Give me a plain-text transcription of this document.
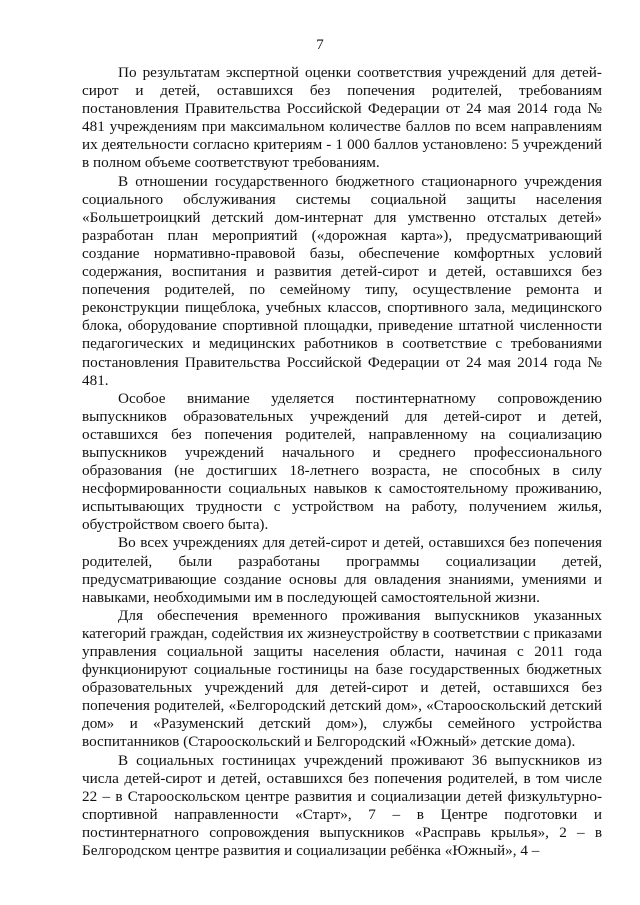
7

По результатам экспертной оценки соответствия учреждений для детей-сирот и детей, оставшихся без попечения родителей, требованиям постановления Правительства Российской Федерации от 24 мая 2014 года № 481 учреждениям при максимальном количестве баллов по всем направлениям их деятельности согласно критериям - 1 000 баллов установлено: 5 учреждений в полном объеме соответствуют требованиям.

В отношении государственного бюджетного стационарного учреждения социального обслуживания системы социальной защиты населения «Большетроицкий детский дом-интернат для умственно отсталых детей» разработан план мероприятий («дорожная карта»), предусматривающий создание нормативно-правовой базы, обеспечение комфортных условий содержания, воспитания и развития детей-сирот и детей, оставшихся без попечения родителей, по семейному типу, осуществление ремонта и реконструкции пищеблока, учебных классов, спортивного зала, медицинского блока, оборудование спортивной площадки, приведение штатной численности педагогических и медицинских работников в соответствие с требованиями постановления Правительства Российской Федерации от 24 мая 2014 года № 481.

Особое внимание уделяется постинтернатному сопровождению выпускников образовательных учреждений для детей-сирот и детей, оставшихся без попечения родителей, направленному на социализацию выпускников учреждений начального и среднего профессионального образования (не достигших 18-летнего возраста, не способных в силу несформированности социальных навыков к самостоятельному проживанию, испытывающих трудности с устройством на работу, получением жилья, обустройством своего быта).

Во всех учреждениях для детей-сирот и детей, оставшихся без попечения родителей, были разработаны программы социализации детей, предусматривающие создание основы для овладения знаниями, умениями и навыками, необходимыми им в последующей самостоятельной жизни.

Для обеспечения временного проживания выпускников указанных категорий граждан, содействия их жизнеустройству в соответствии с приказами управления социальной защиты населения области, начиная с 2011 года функционируют социальные гостиницы на базе государственных бюджетных образовательных учреждений для детей-сирот и детей, оставшихся без попечения родителей, «Белгородский детский дом», «Старооскольский детский дом» и «Разуменский детский дом»), службы семейного устройства воспитанников (Старооскольский и Белгородский «Южный» детские дома).

В социальных гостиницах учреждений проживают 36 выпускников из числа детей-сирот и детей, оставшихся без попечения родителей, в том числе 22 – в Старооскольском центре развития и социализации детей физкультурно-спортивной направленности «Старт», 7 – в Центре подготовки и постинтернатного сопровождения выпускников «Расправь крылья», 2 – в Белгородском центре развития и социализации ребёнка «Южный», 4 –
